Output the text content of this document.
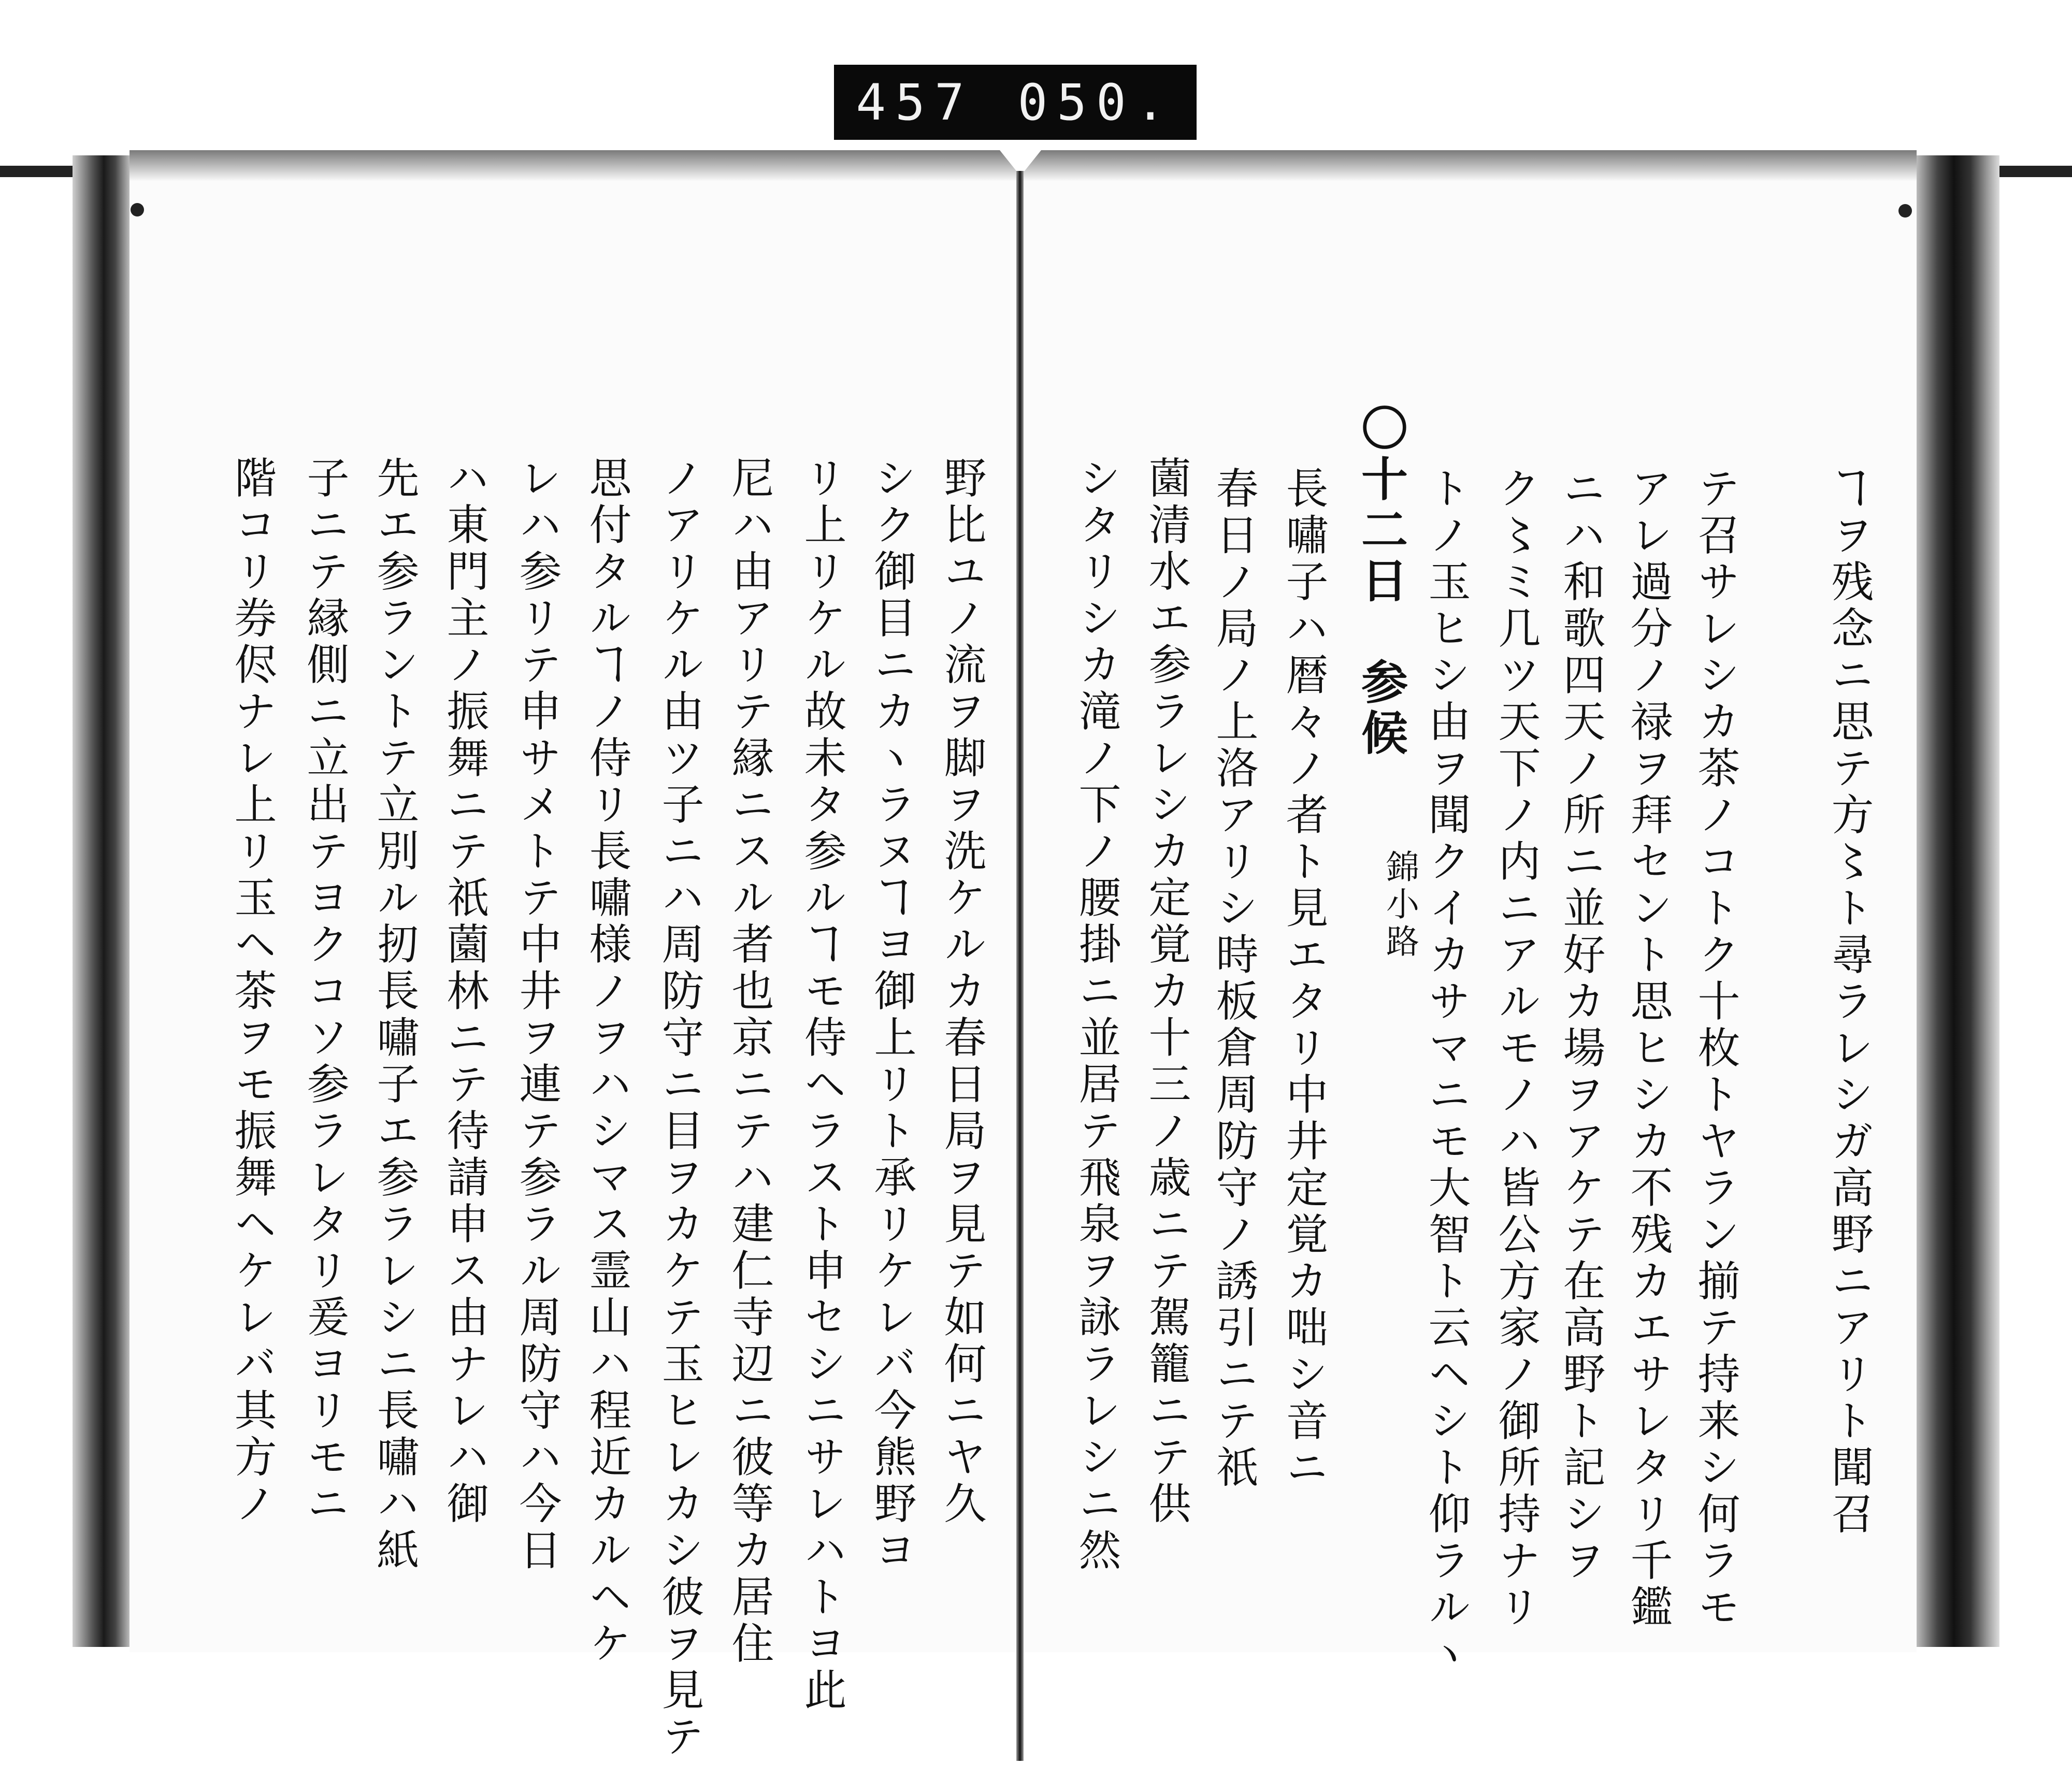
457 050.
ヿヲ残念ニ思テ方〻ト尋ラレシガ高野ニアリト聞召
テ召サレシカ茶ノコトク十枚トヤラン揃テ持来シ何ラモ
アレ過分ノ禄ヲ拜セント思ヒシカ不残カエサレタリ千鑑
ニハ和歌四天ノ所ニ並好カ場ヲアケテ在高野ト記シヲ
ク〻ミ几ツ天下ノ内ニアルモノハ皆公方家ノ御所持ナリ
トノ玉ヒシ由ヲ聞クイカサマニモ大智ト云ヘシト仰ラルヽ
〇十二日　参候
錦小路
長嘯子ハ暦々ノ者ト見エタリ中井定覚カ咄シ音ニ
春日ノ局ノ上洛アリシ時板倉周防守ノ誘引ニテ祇
薗清水エ参ラレシカ定覚カ十三ノ歳ニテ駕籠ニテ供
シタリシカ滝ノ下ノ腰掛ニ並居テ飛泉ヲ詠ラレシニ然
野比ユノ流ヲ脚ヲ洗ケルカ春日局ヲ見テ如何ニヤ久
シク御目ニカヽラヌヿヨ御上リト承リケレバ今熊野ヨ
リ上リケル故未タ参ルヿモ侍ヘラスト申セシニサレハトヨ此
尼ハ由アリテ縁ニスル者也京ニテハ建仁寺辺ニ彼等カ居住
ノアリケル由ツ子ニハ周防守ニ目ヲカケテ玉ヒレカシ彼ヲ見テ
思付タルヿノ侍リ長嘯様ノヲハシマス霊山ハ程近カルヘケ
レハ参リテ申サメトテ中井ヲ連テ参ラル周防守ハ今日
ハ東門主ノ振舞ニテ祇薗林ニテ待請申ス由ナレハ御
先エ参ラントテ立別ル扨長嘯子エ参ラレシニ長嘯ハ紙
子ニテ縁側ニ立出テヨクコソ参ラレタリ爰ヨリモニ
階コリ券侭ナレ上リ玉ヘ茶ヲモ振舞ヘケレバ其方ノ
